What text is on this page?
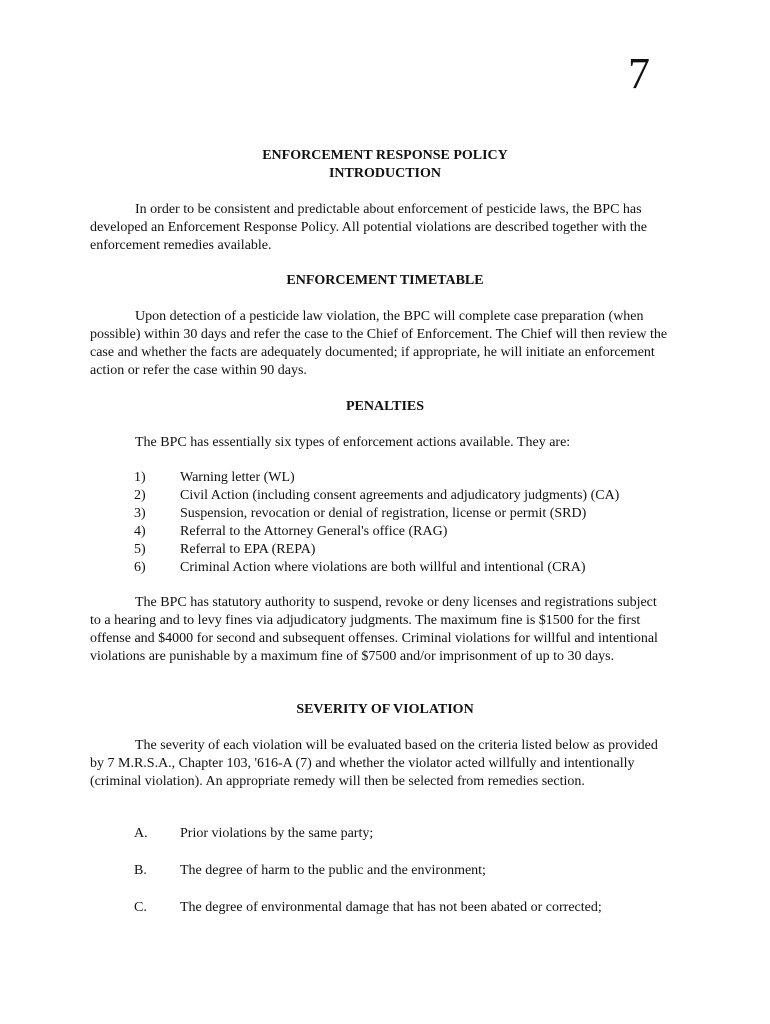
7

ENFORCEMENT RESPONSE POLICY
INTRODUCTION

In order to be consistent and predictable about enforcement of pesticide laws, the BPC has developed an Enforcement Response Policy. All potential violations are described together with the enforcement remedies available.

ENFORCEMENT TIMETABLE

Upon detection of a pesticide law violation, the BPC will complete case preparation (when possible) within 30 days and refer the case to the Chief of Enforcement. The Chief will then review the case and whether the facts are adequately documented; if appropriate, he will initiate an enforcement action or refer the case within 90 days.

PENALTIES

The BPC has essentially six types of enforcement actions available. They are:

1)	Warning letter (WL)
2)	Civil Action (including consent agreements and adjudicatory judgments) (CA)
3)	Suspension, revocation or denial of registration, license or permit (SRD)
4)	Referral to the Attorney General's office (RAG)
5)	Referral to EPA (REPA)
6)	Criminal Action where violations are both willful and intentional (CRA)

The BPC has statutory authority to suspend, revoke or deny licenses and registrations subject to a hearing and to levy fines via adjudicatory judgments. The maximum fine is $1500 for the first offense and $4000 for second and subsequent offenses. Criminal violations for willful and intentional violations are punishable by a maximum fine of $7500 and/or imprisonment of up to 30 days.

SEVERITY OF VIOLATION

The severity of each violation will be evaluated based on the criteria listed below as provided by 7 M.R.S.A., Chapter 103, '616-A (7) and whether the violator acted willfully and intentionally (criminal violation). An appropriate remedy will then be selected from remedies section.

A.	Prior violations by the same party;
B.	The degree of harm to the public and the environment;
C.	The degree of environmental damage that has not been abated or corrected;
